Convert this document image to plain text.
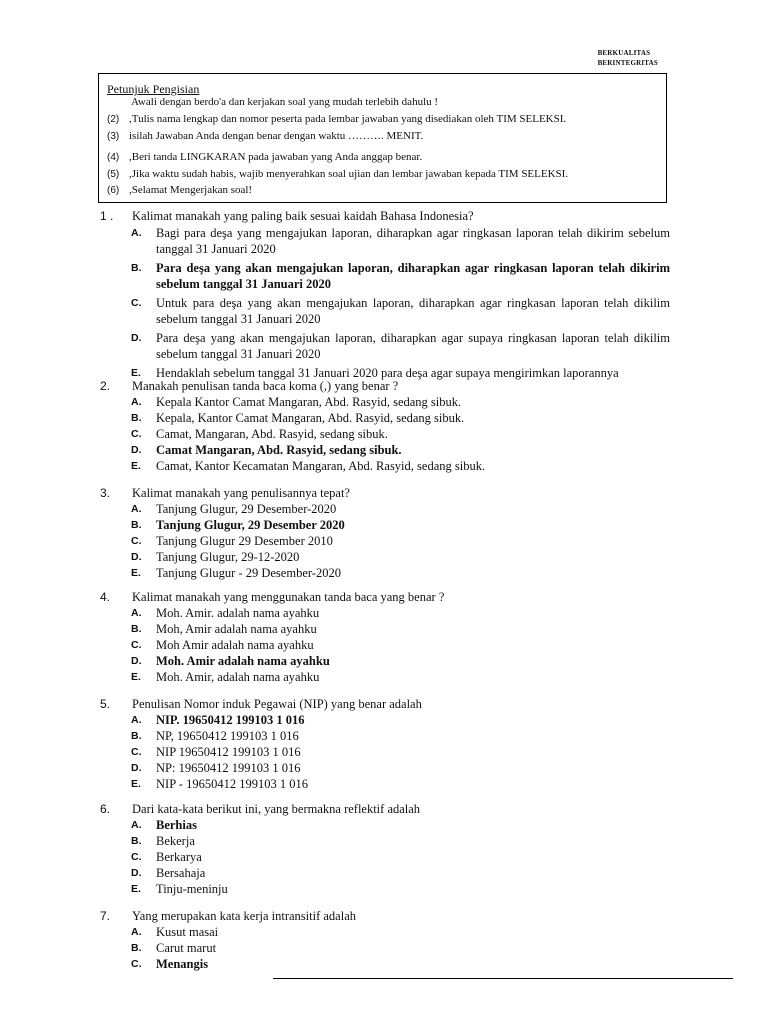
BERKUALITAS
BERINTEGRITAS
Petunjuk Pengisian
Awali dengan berdo'a dan kerjakan soal yang mudah terlebih dahulu !
(2) ,Tulis nama lengkap dan nomor peserta pada lembar jawaban yang disediakan oleh TIM SELEKSI.
(3) isilah Jawaban Anda dengan benar dengan waktu ………. MENIT.
(4) ,Beri tanda LINGKARAN pada jawaban yang Anda anggap benar.
(5) ,Jika waktu sudah habis, wajib menyerahkan soal ujian dan lembar jawaban kepada TIM SELEKSI.
(6) ,Selamat Mengerjakan soal!
1 . Kalimat manakah yang paling baik sesuai kaidah Bahasa Indonesia?
A. Bagi para deşa yang mengajukan laporan, diharapkan agar ringkasan laporan telah dikirim sebelum tanggal 31 Januari 2020
B. Para deşa yang akan mengajukan laporan, diharapkan agar ringkasan laporan telah dikirim sebelum tanggal 31 Januari 2020
C. Untuk para deşa yang akan mengajukan laporan, diharapkan agar ringkasan laporan telah dikilim sebelum tanggal 31 Januari 2020
D. Para deşa yang akan mengajukan laporan, diharapkan agar supaya ringkasan laporan telah dikilim sebelum tanggal 31 Januari 2020
E. Hendaklah sebelum tanggal 31 Januari 2020 para deşa agar supaya mengirimkan laporannya
2. Manakah penulisan tanda baca koma (,) yang benar ?
A. Kepala Kantor Camat Mangaran, Abd. Rasyid, sedang sibuk.
B. Kepala, Kantor Camat Mangaran, Abd. Rasyid, sedang sibuk.
C. Camat, Mangaran, Abd. Rasyid, sedang sibuk.
D. Camat Mangaran, Abd. Rasyid, sedang sibuk.
E. Camat, Kantor Kecamatan Mangaran, Abd. Rasyid, sedang sibuk.
3. Kalimat manakah yang penulisannya tepat?
A. Tanjung Glugur, 29 Desember-2020
B. Tanjung Glugur, 29 Desember 2020
C. Tanjung Glugur 29 Desember 2010
D. Tanjung Glugur, 29-12-2020
E. Tanjung Glugur - 29 Desember-2020
4. Kalimat manakah yang menggunakan tanda baca yang benar ?
A. Moh. Amir. adalah nama ayahku
B. Moh, Amir adalah nama ayahku
C. Moh Amir adalah nama ayahku
D. Moh. Amir adalah nama ayahku
E. Moh. Amir, adalah nama ayahku
5. Penulisan Nomor induk Pegawai (NIP) yang benar adalah
A. NIP. 19650412 199103 1 016
B. NP, 19650412 199103 1 016
C. NIP 19650412 199103 1 016
D. NP: 19650412 199103 1 016
E. NIP - 19650412 199103 1 016
6. Dari kata-kata berikut ini, yang bermakna reflektif adalah
A. Berhias
B. Bekerja
C. Berkarya
D. Bersahaja
E. Tinju-meninju
7. Yang merupakan kata kerja intransitif adalah
A. Kusut masai
B. Carut marut
C. Menangis
